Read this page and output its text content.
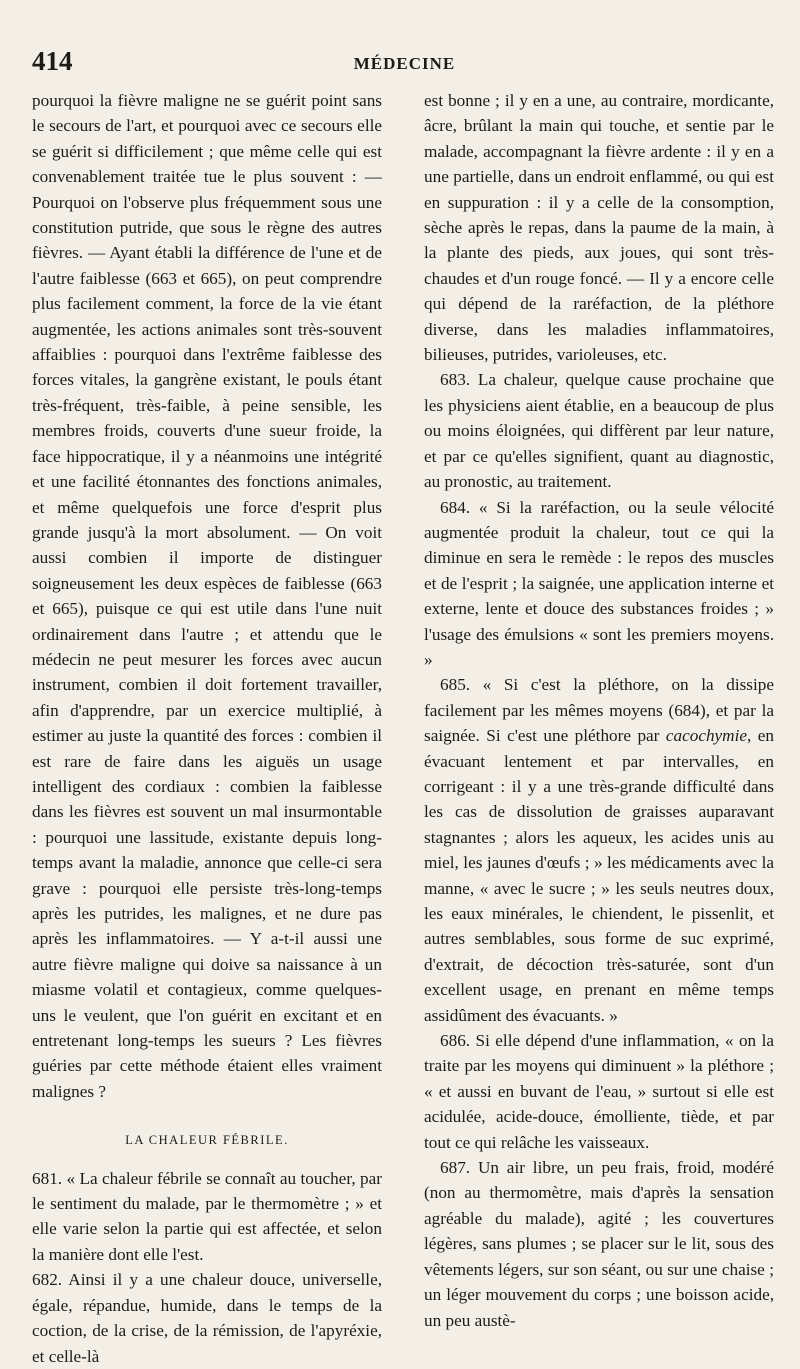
414	MÉDECINE

pourquoi la fièvre maligne ne se guérit point sans le secours de l'art, et pourquoi avec ce secours elle se guérit si difficilement ; que même celle qui est convenablement traitée tue le plus souvent : — Pourquoi on l'observe plus fréquemment sous une constitution putride, que sous le règne des autres fièvres. — Ayant établi la différence de l'une et de l'autre faiblesse (663 et 665), on peut comprendre plus facilement comment, la force de la vie étant augmentée, les actions animales sont très-souvent affaiblies : pourquoi dans l'extrême faiblesse des forces vitales, la gangrène existant, le pouls étant très-fréquent, très-faible, à peine sensible, les membres froids, couverts d'une sueur froide, la face hippocratique, il y a néanmoins une intégrité et une facilité étonnantes des fonctions animales, et même quelquefois une force d'esprit plus grande jusqu'à la mort absolument. — On voit aussi combien il importe de distinguer soigneusement les deux espèces de faiblesse (663 et 665), puisque ce qui est utile dans l'une nuit ordinairement dans l'autre ; et attendu que le médecin ne peut mesurer les forces avec aucun instrument, combien il doit fortement travailler, afin d'apprendre, par un exercice multiplié, à estimer au juste la quantité des forces : combien il est rare de faire dans les aiguës un usage intelligent des cordiaux : combien la faiblesse dans les fièvres est souvent un mal insurmontable : pourquoi une lassitude, existante depuis long-temps avant la maladie, annonce que celle-ci sera grave : pourquoi elle persiste très-long-temps après les putrides, les malignes, et ne dure pas après les inflammatoires. — Y a-t-il aussi une autre fièvre maligne qui doive sa naissance à un miasme volatil et contagieux, comme quelques-uns le veulent, que l'on guérit en excitant et en entretenant long-temps les sueurs ? Les fièvres guéries par cette méthode étaient elles vraiment malignes ?

LA CHALEUR FÉBRILE.

681. « La chaleur fébrile se connaît au toucher, par le sentiment du malade, par le thermomètre ; » et elle varie selon la partie qui est affectée, et selon la manière dont elle l'est.

682. Ainsi il y a une chaleur douce, universelle, égale, répandue, humide, dans le temps de la coction, de la crise, de la rémission, de l'apyréxie, et celle-là

est bonne ; il y en a une, au contraire, mordicante, âcre, brûlant la main qui touche, et sentie par le malade, accompagnant la fièvre ardente : il y en a une partielle, dans un endroit enflammé, ou qui est en suppuration : il y a celle de la consomption, sèche après le repas, dans la paume de la main, à la plante des pieds, aux joues, qui sont très-chaudes et d'un rouge foncé. — Il y a encore celle qui dépend de la raréfaction, de la pléthore diverse, dans les maladies inflammatoires, bilieuses, putrides, varioleuses, etc.

683. La chaleur, quelque cause prochaine que les physiciens aient établie, en a beaucoup de plus ou moins éloignées, qui diffèrent par leur nature, et par ce qu'elles signifient, quant au diagnostic, au pronostic, au traitement.

684. « Si la raréfaction, ou la seule vélocité augmentée produit la chaleur, tout ce qui la diminue en sera le remède : le repos des muscles et de l'esprit ; la saignée, une application interne et externe, lente et douce des substances froides ; » l'usage des émulsions « sont les premiers moyens. »

685. « Si c'est la pléthore, on la dissipe facilement par les mêmes moyens (684), et par la saignée. Si c'est une pléthore par cacochymie, en évacuant lentement et par intervalles, en corrigeant : il y a une très-grande difficulté dans les cas de dissolution de graisses auparavant stagnantes ; alors les aqueux, les acides unis au miel, les jaunes d'œufs ; » les médicaments avec la manne, « avec le sucre ; » les seuls neutres doux, les eaux minérales, le chiendent, le pissenlit, et autres semblables, sous forme de suc exprimé, d'extrait, de décoction très-saturée, sont d'un excellent usage, en prenant en même temps assidûment des évacuants. »

686. Si elle dépend d'une inflammation, « on la traite par les moyens qui diminuent » la pléthore ; « et aussi en buvant de l'eau, » surtout si elle est acidulée, acide-douce, émolliente, tiède, et par tout ce qui relâche les vaisseaux.

687. Un air libre, un peu frais, froid, modéré (non au thermomètre, mais d'après la sensation agréable du malade), agité ; les couvertures légères, sans plumes ; se placer sur le lit, sous des vêtements légers, sur son séant, ou sur une chaise ; un léger mouvement du corps ; une boisson acide, un peu austè-
